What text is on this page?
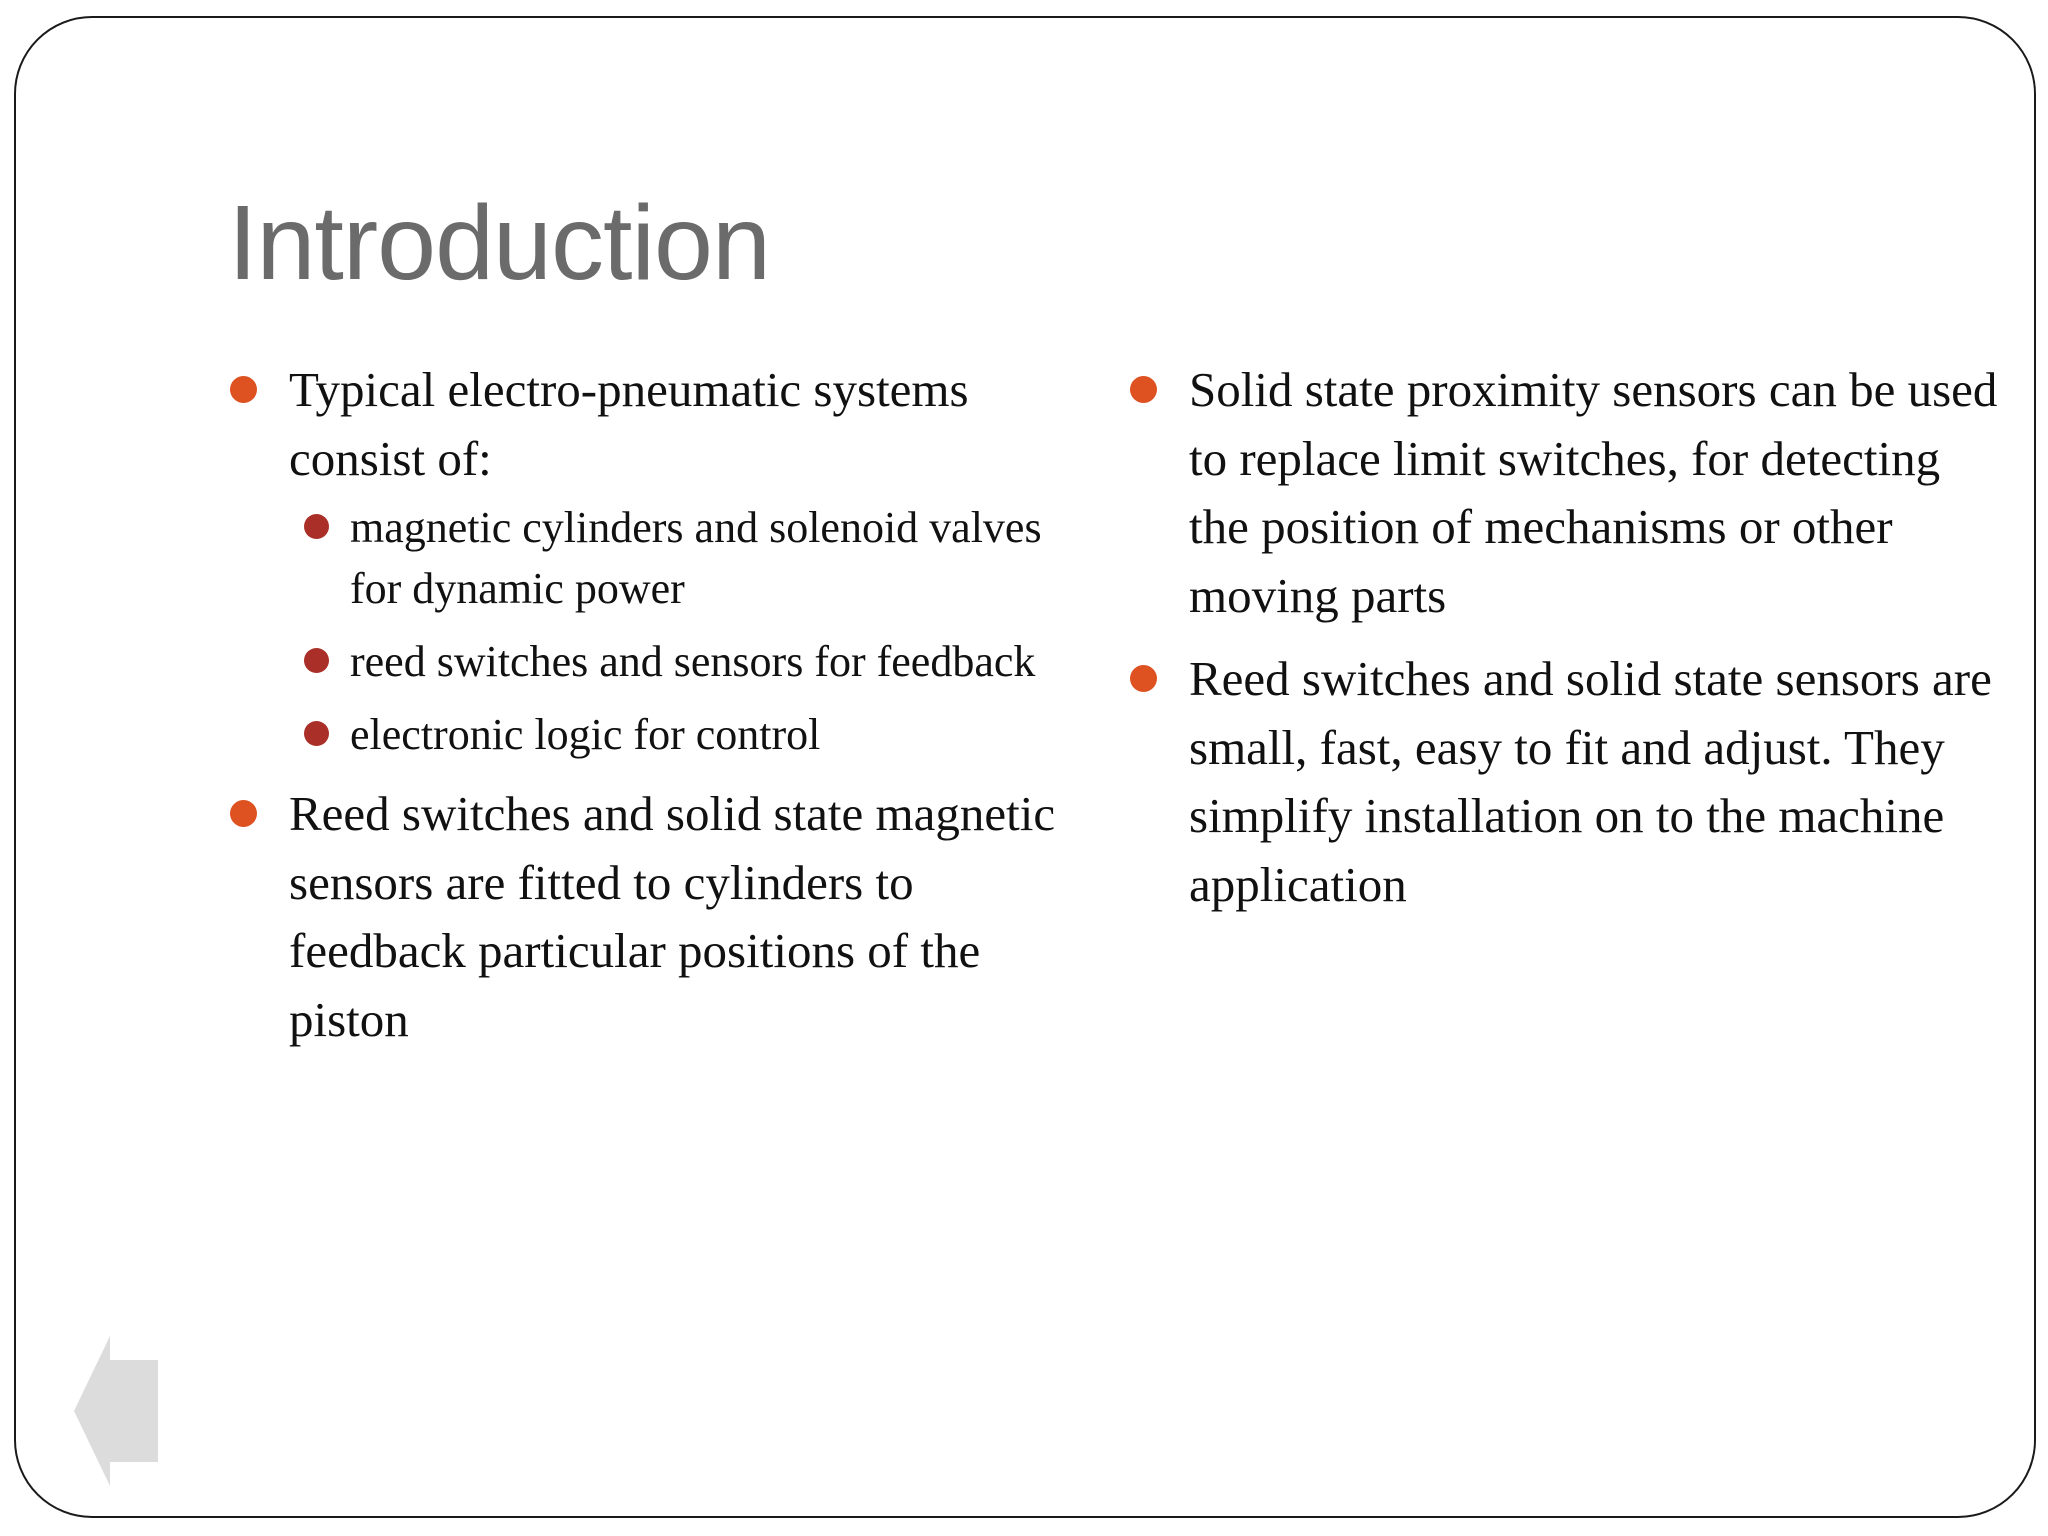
Introduction
Typical electro-pneumatic systems consist of:
magnetic cylinders and solenoid valves for dynamic power
reed switches and sensors for feedback
electronic logic for control
Reed switches and solid state magnetic sensors are fitted to cylinders to feedback particular positions of the piston
Solid state proximity sensors can be used to replace limit switches, for detecting the position of mechanisms or other moving parts
Reed switches and solid state sensors are small, fast, easy to fit and adjust. They simplify installation on to the machine application
